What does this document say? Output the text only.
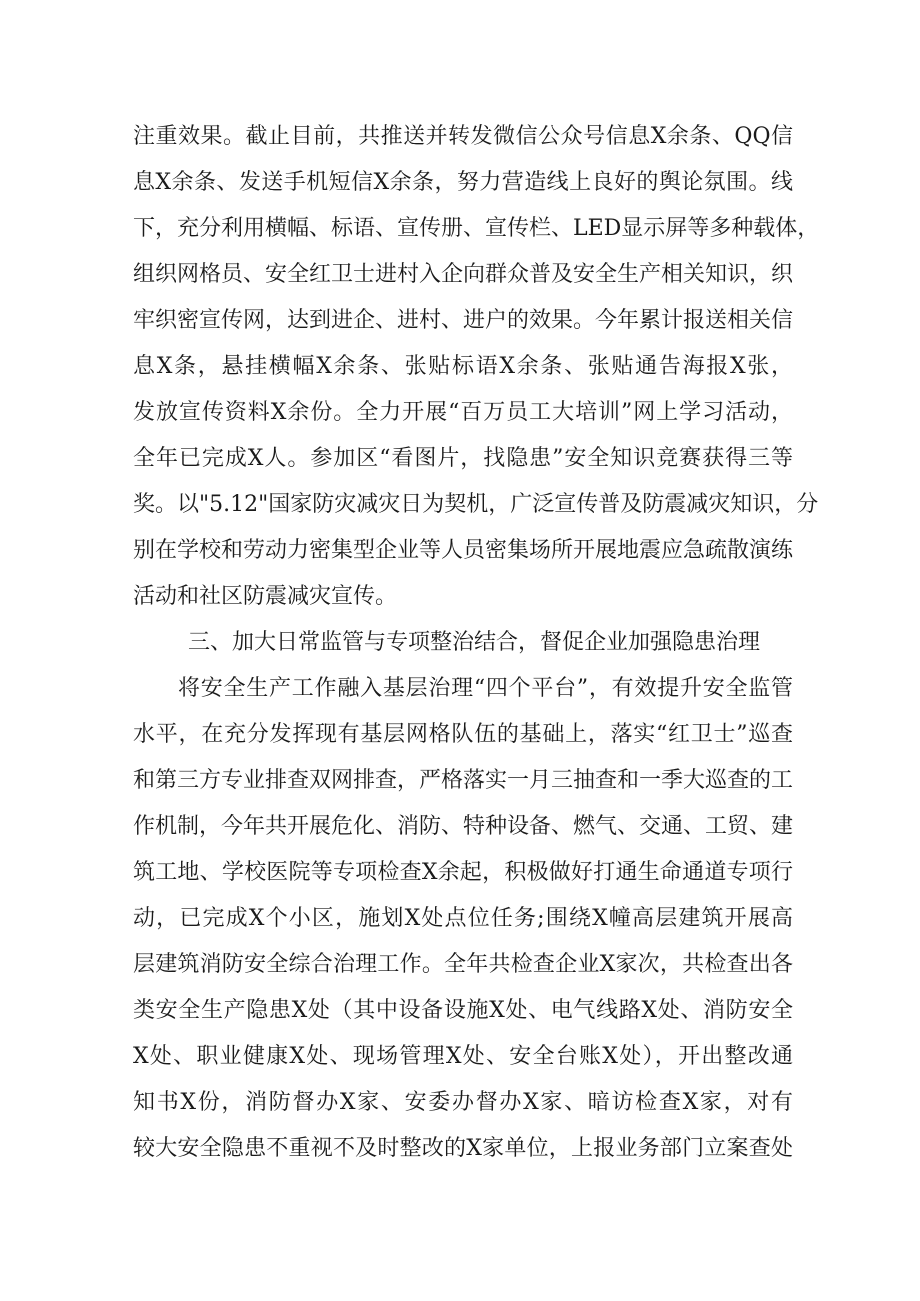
注重效果。截止目前，共推送并转发微信公众号信息X余条、QQ信
息X余条、发送手机短信X余条，努力营造线上良好的舆论氛围。线
下，充分利用横幅、标语、宣传册、宣传栏、LED显示屏等多种载体，
组织网格员、安全红卫士进村入企向群众普及安全生产相关知识，织
牢织密宣传网，达到进企、进村、进户的效果。今年累计报送相关信
息X条，悬挂横幅X余条、张贴标语X余条、张贴通告海报X张，
发放宣传资料X余份。全力开展“百万员工大培训”网上学习活动，
全年已完成X人。参加区“看图片，找隐患”安全知识竞赛获得三等
奖。以"5.12"国家防灾减灾日为契机，广泛宣传普及防震减灾知识，分
别在学校和劳动力密集型企业等人员密集场所开展地震应急疏散演练
活动和社区防震减灾宣传。
三、加大日常监管与专项整治结合，督促企业加强隐患治理
将安全生产工作融入基层治理“四个平台”，有效提升安全监管
水平，在充分发挥现有基层网格队伍的基础上，落实“红卫士”巡查
和第三方专业排查双网排查，严格落实一月三抽查和一季大巡查的工
作机制，今年共开展危化、消防、特种设备、燃气、交通、工贸、建
筑工地、学校医院等专项检查X余起，积极做好打通生命通道专项行
动，已完成X个小区，施划X处点位任务;围绕X幢高层建筑开展高
层建筑消防安全综合治理工作。全年共检查企业X家次，共检查出各
类安全生产隐患X处（其中设备设施X处、电气线路X处、消防安全
X处、职业健康X处、现场管理X处、安全台账X处），开出整改通
知书X份，消防督办X家、安委办督办X家、暗访检查X家，对有
较大安全隐患不重视不及时整改的X家单位，上报业务部门立案查处
